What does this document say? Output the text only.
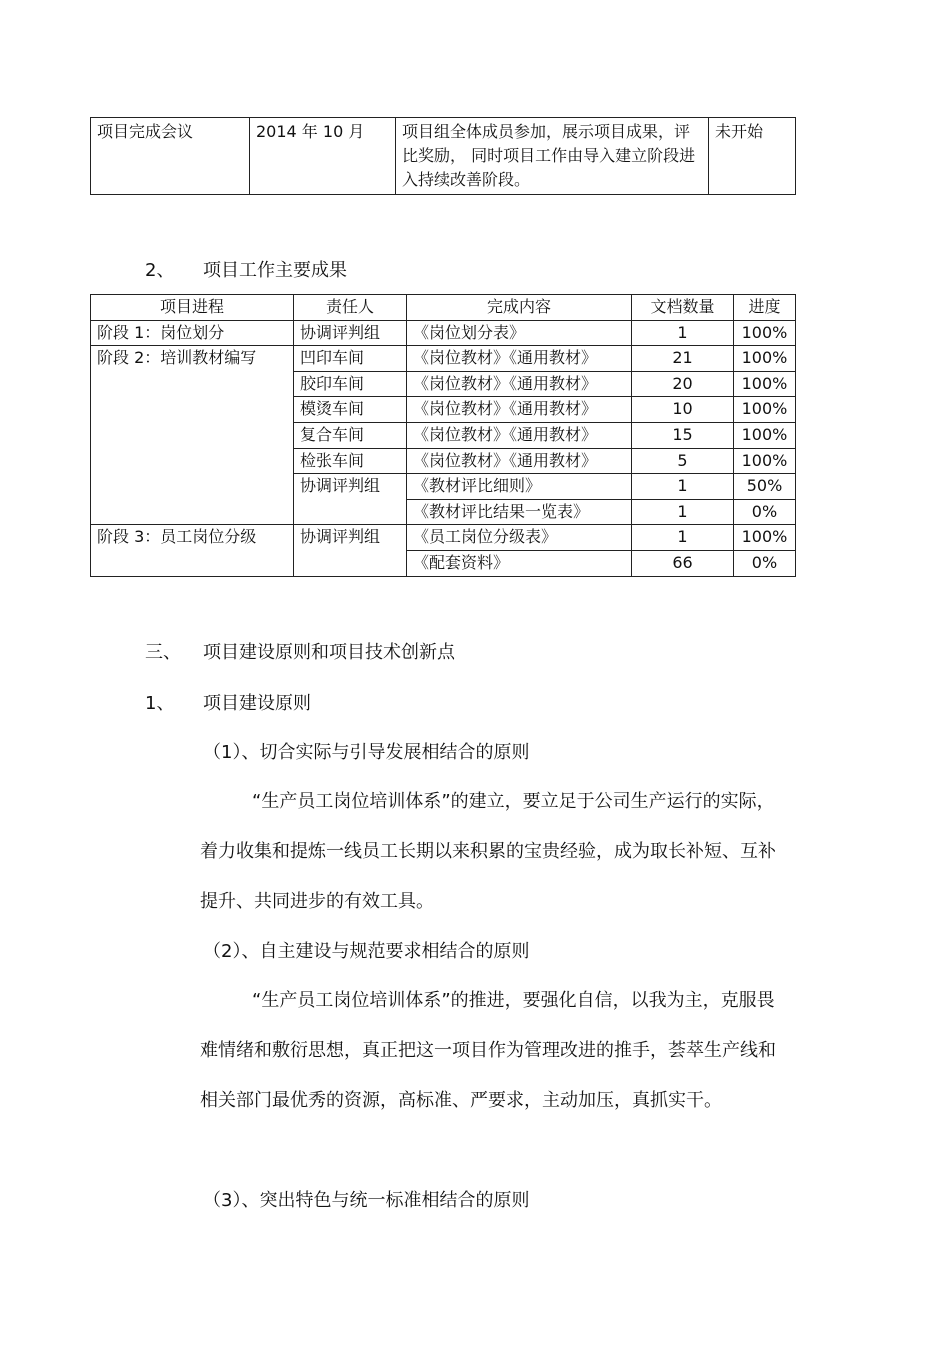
项目完成会议	2014 年 10 月	项目组全体成员参加，展示项目成果，评比奖励， 同时项目工作由导入建立阶段进入持续改善阶段。	未开始
2、 项目工作主要成果
项目进程	责任人	完成内容	文档数量	进度
阶段 1：岗位划分	协调评判组	《岗位划分表》	1	100%
阶段 2：培训教材编写	凹印车间	《岗位教材》《通用教材》	21	100%
	胶印车间	《岗位教材》《通用教材》	20	100%
	模烫车间	《岗位教材》《通用教材》	10	100%
	复合车间	《岗位教材》《通用教材》	15	100%
	检张车间	《岗位教材》《通用教材》	5	100%
	协调评判组	《教材评比细则》	1	50%
		《教材评比结果一览表》	1	0%
阶段 3：员工岗位分级	协调评判组	《员工岗位分级表》	1	100%
		《配套资料》	66	0%
三、 项目建设原则和项目技术创新点
1、 项目建设原则
（1）、切合实际与引导发展相结合的原则
“生产员工岗位培训体系”的建立，要立足于公司生产运行的实际，着力收集和提炼一线员工长期以来积累的宝贵经验，成为取长补短、互补提升、共同进步的有效工具。
（2）、自主建设与规范要求相结合的原则
“生产员工岗位培训体系”的推进，要强化自信，以我为主，克服畏难情绪和敷衍思想，真正把这一项目作为管理改进的推手，荟萃生产线和相关部门最优秀的资源，高标准、严要求，主动加压，真抓实干。
（3）、突出特色与统一标准相结合的原则
